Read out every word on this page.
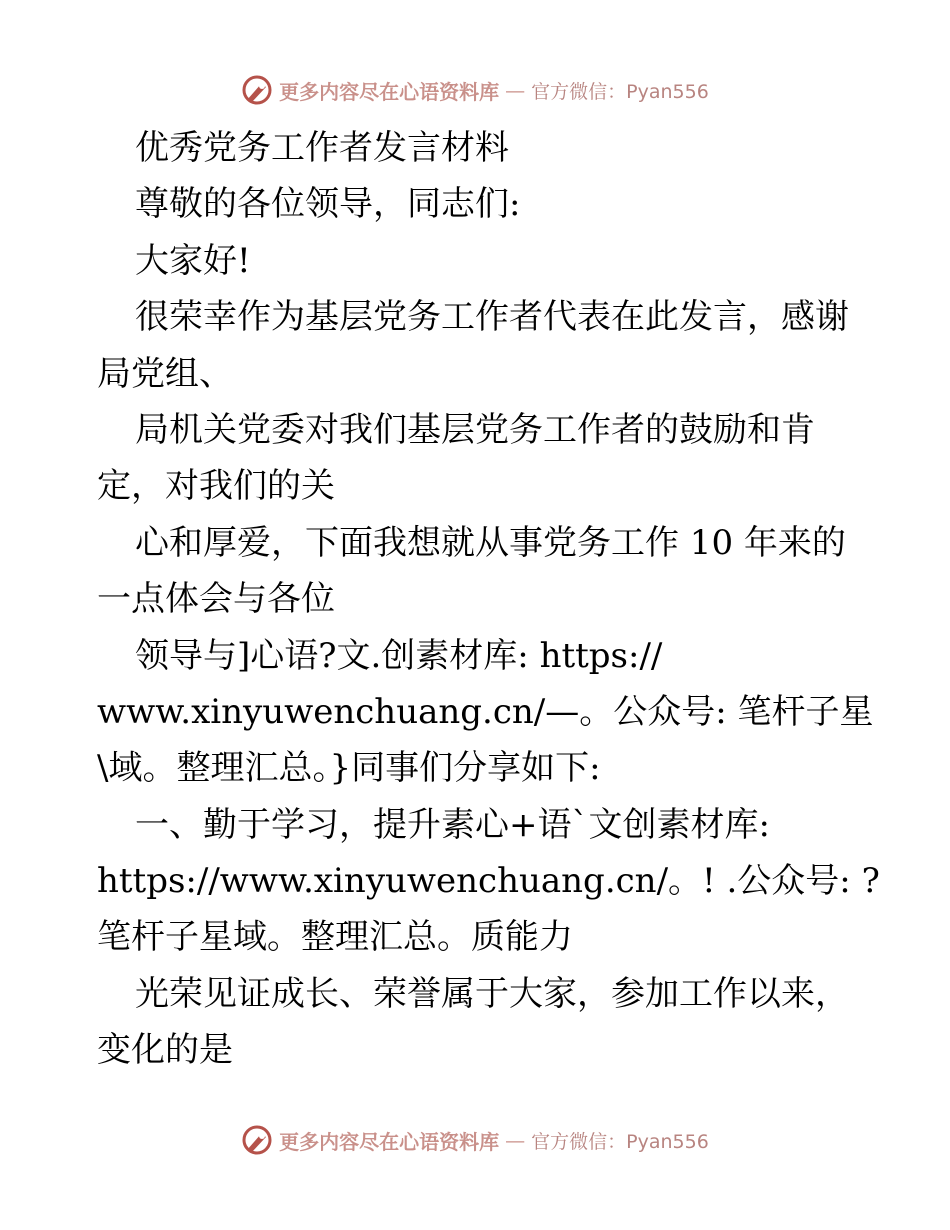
更多内容尽在心语资料库 — 官方微信：Pyan556
优秀党务工作者发言材料
尊敬的各位领导，同志们:
大家好!
很荣幸作为基层党务工作者代表在此发言，感谢
局党组、
局机关党委对我们基层党务工作者的鼓励和肯
定，对我们的关
心和厚爱，下面我想就从事党务工作 10 年来的
一点体会与各位
领导与]心语?文.创素材库: https://
www.xinyuwenchuang.cn/—。公众号: 笔杆子星
\域。整理汇总。}同事们分享如下:
一、勤于学习，提升素心+语`文创素材库:
https://www.xinyuwenchuang.cn/。! .公众号: ?
笔杆子星域。整理汇总。质能力
光荣见证成长、荣誉属于大家，参加工作以来，
变化的是
更多内容尽在心语资料库 — 官方微信：Pyan556
